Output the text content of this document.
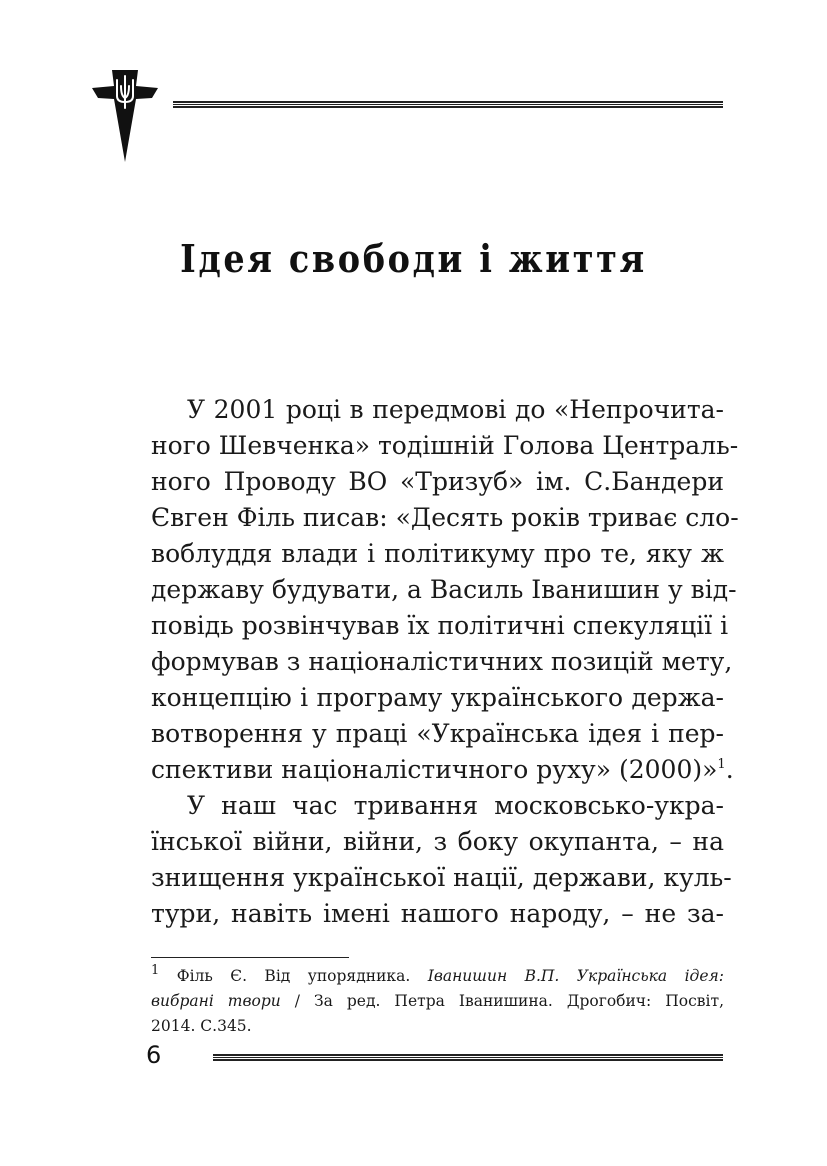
Ідея свободи і життя
У 2001 році в передмові до «Непрочита-
ного Шевченка» тодішній Голова Централь-
ного Проводу ВО «Тризуб» ім. С.Бандери
Євген Філь писав: «Десять років триває сло-
воблуддя влади і політикуму про те, яку ж
державу будувати, а Василь Іванишин у від-
повідь розвінчував їх політичні спекуляції і
формував з націоналістичних позицій мету,
концепцію і програму українського держа-
вотворення у праці «Українська ідея і пер-
спективи націоналістичного руху» (2000)»$^1$.
У наш час тривання московсько-укра-
їнської війни, війни, з боку окупанта, – на
знищення української нації, держави, куль-
тури, навіть імені нашого народу, – не за-
$^1$ Філь Є. Від упорядника. Іванишин В.П. Українська ідея:
вибрані твори / За ред. Петра Іванишина. Дрогобич: Посвіт,
2014. С.345.
6
